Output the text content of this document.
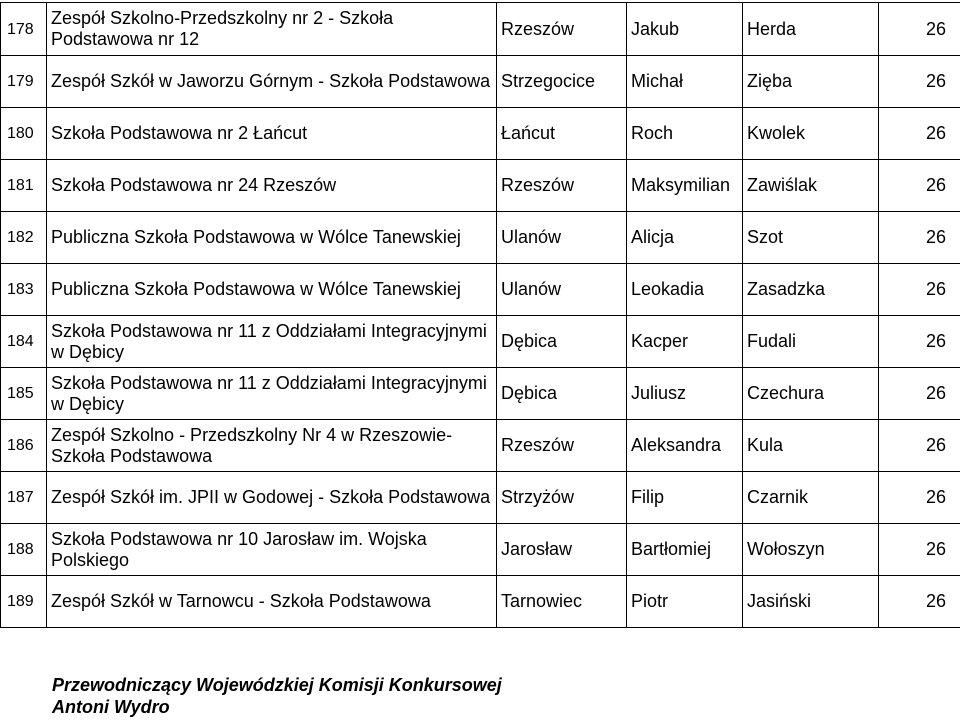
178	Zespół Szkolno-Przedszkolny nr 2 - Szkoła Podstawowa nr 12	Rzeszów	Jakub	Herda	26
179	Zespół Szkół w Jaworzu Górnym - Szkoła Podstawowa	Strzegocice	Michał	Zięba	26
180	Szkoła Podstawowa nr 2 Łańcut	Łańcut	Roch	Kwolek	26
181	Szkoła Podstawowa nr 24 Rzeszów	Rzeszów	Maksymilian	Zawiślak	26
182	Publiczna Szkoła Podstawowa w Wólce Tanewskiej	Ulanów	Alicja	Szot	26
183	Publiczna Szkoła Podstawowa w Wólce Tanewskiej	Ulanów	Leokadia	Zasadzka	26
184	Szkoła Podstawowa nr 11 z Oddziałami Integracyjnymi w Dębicy	Dębica	Kacper	Fudali	26
185	Szkoła Podstawowa nr 11 z Oddziałami Integracyjnymi w Dębicy	Dębica	Juliusz	Czechura	26
186	Zespół Szkolno - Przedszkolny Nr 4 w Rzeszowie- Szkoła Podstawowa	Rzeszów	Aleksandra	Kula	26
187	Zespół Szkół im. JPII w Godowej - Szkoła Podstawowa	Strzyżów	Filip	Czarnik	26
188	Szkoła Podstawowa nr 10 Jarosław im. Wojska Polskiego	Jarosław	Bartłomiej	Wołoszyn	26
189	Zespół Szkół w Tarnowcu - Szkoła Podstawowa	Tarnowiec	Piotr	Jasiński	26
Przewodniczący Wojewódzkiej Komisji Konkursowej
Antoni Wydro
